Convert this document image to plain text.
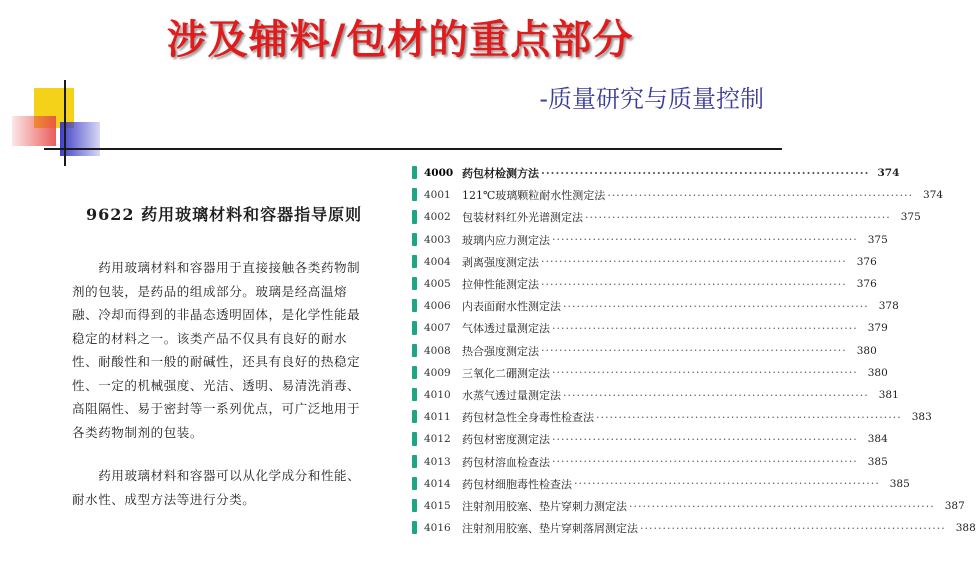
涉及辅料/包材的重点部分
-质量研究与质量控制
9622 药用玻璃材料和容器指导原则

药用玻璃材料和容器用于直接接触各类药物制剂的包装，是药品的组成部分。玻璃是经高温熔融、冷却而得到的非晶态透明固体，是化学性能最稳定的材料之一。该类产品不仅具有良好的耐水性、耐酸性和一般的耐碱性，还具有良好的热稳定性、一定的机械强度、光洁、透明、易清洗消毒、高阻隔性、易于密封等一系列优点，可广泛地用于各类药物制剂的包装。

药用玻璃材料和容器可以从化学成分和性能、耐水性、成型方法等进行分类。

4000 药包材检测方法 ···································································· 374
4001	121℃玻璃颗粒耐水性测定法 ···································································· 374
4002	包装材料红外光谱测定法 ···································································· 375
4003	玻璃内应力测定法 ···································································· 375
4004	剥离强度测定法 ···································································· 376
4005	拉伸性能测定法 ···································································· 376
4006	内表面耐水性测定法 ···································································· 378
4007	气体透过量测定法 ···································································· 379
4008	热合强度测定法 ···································································· 380
4009	三氧化二硼测定法 ···································································· 380
4010	水蒸气透过量测定法 ···································································· 381
4011	药包材急性全身毒性检查法 ···································································· 383
4012	药包材密度测定法 ···································································· 384
4013	药包材溶血检查法 ···································································· 385
4014	药包材细胞毒性检查法 ···································································· 385
4015	注射剂用胶塞、垫片穿刺力测定法 ···································································· 387
4016	注射剂用胶塞、垫片穿刺落屑测定法 ···································································· 388
